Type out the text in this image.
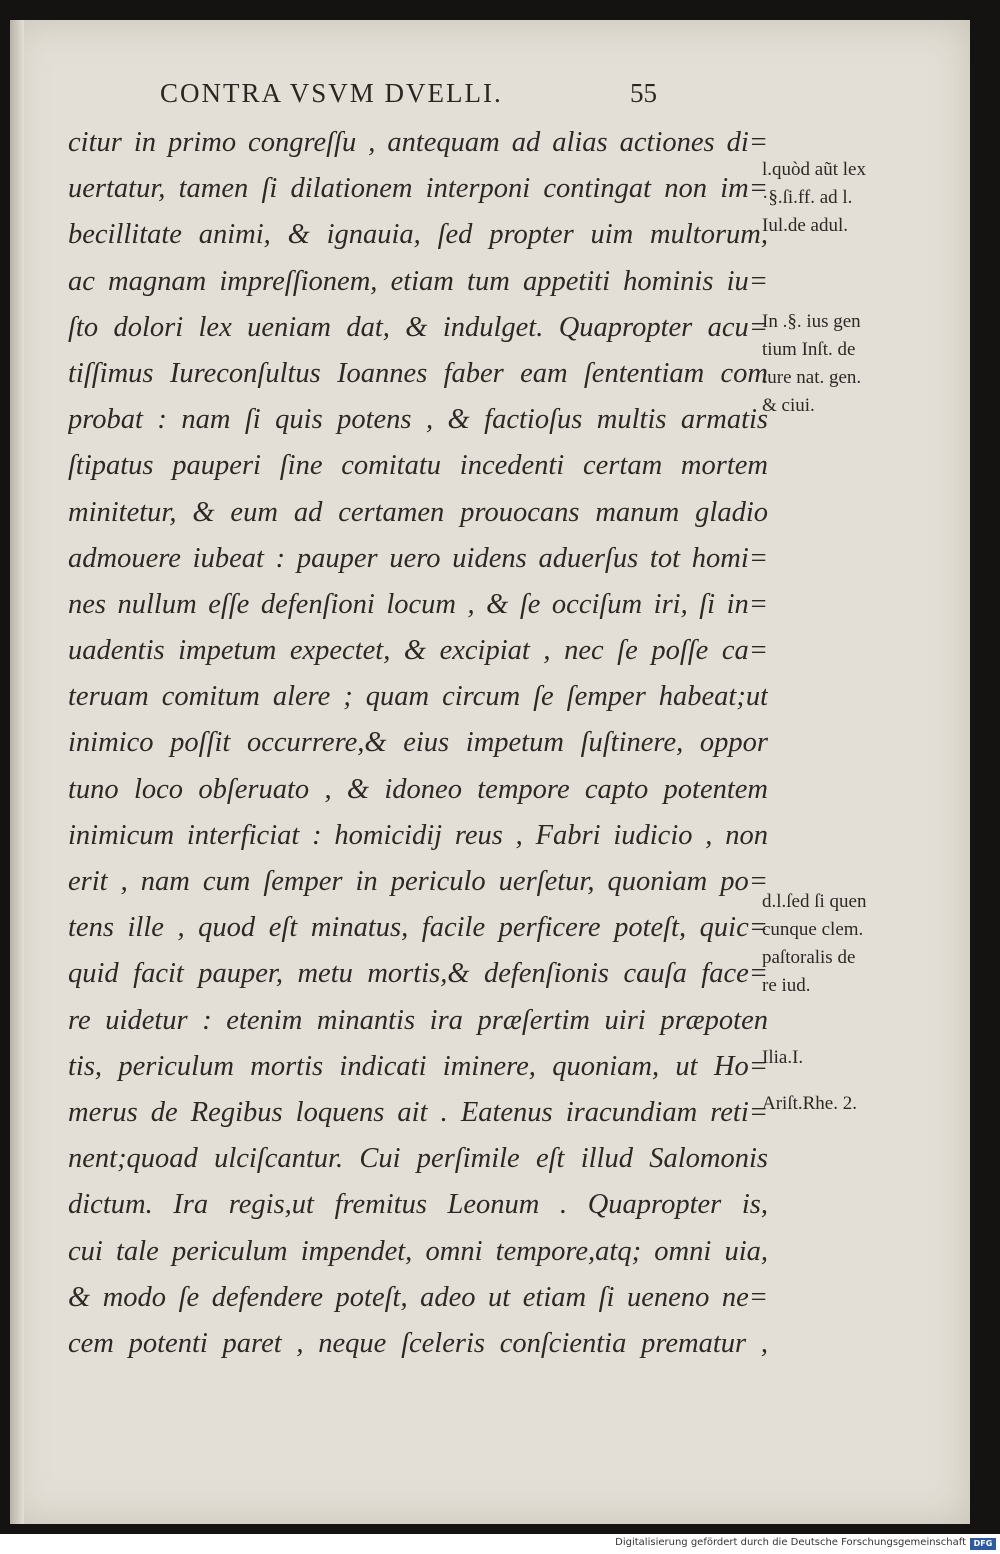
CONTRA VSVM DVELLI.	55
citur in primo congreſſu , antequam ad alias actiones di=
uertatur, tamen ſi dilationem interponi contingat non im=
becillitate animi, & ignauia, ſed propter uim multorum,
ac magnam impreſſionem, etiam tum appetiti hominis iu=
ſto dolori lex ueniam dat, & indulget. Quapropter acu=
tiſſimus Iureconſultus Ioannes faber eam ſententiam com
probat : nam ſi quis potens , & factioſus multis armatis
ſtipatus pauperi ſine comitatu incedenti certam mortem
minitetur, & eum ad certamen prouocans manum gladio
admouere iubeat : pauper uero uidens aduerſus tot homi=
nes nullum eſſe defenſioni locum , & ſe occiſum iri, ſi in=
uadentis impetum expectet, & excipiat , nec ſe poſſe ca=
teruam comitum alere ; quam circum ſe ſemper habeat;ut
inimico poſſit occurrere,& eius impetum ſuſtinere, oppor
tuno loco obſeruato , & idoneo tempore capto potentem
inimicum interficiat : homicidij reus , Fabri iudicio , non
erit , nam cum ſemper in periculo uerſetur, quoniam po=
tens ille , quod eſt minatus, facile perficere poteſt, quic=
quid facit pauper, metu mortis,& defenſionis cauſa face=
re uidetur : etenim minantis ira præſertim uiri præpoten
tis, periculum mortis indicati iminere, quoniam, ut Ho=
merus de Regibus loquens ait . Eatenus iracundiam reti=
nent;quoad ulciſcantur. Cui perſimile eſt illud Salomonis
dictum. Ira regis,ut fremitus Leonum . Quapropter is,
cui tale periculum impendet, omni tempore,atq; omni uia,
& modo ſe defendere poteſt, adeo ut etiam ſi ueneno ne=
cem potenti paret , neque ſceleris conſcientia prematur ,
l.quòd aũt lex
·§.ſi.ff. ad l.
Iul.de adul.
In .§. ius gen
tium Inſt. de
iure nat. gen.
& ciui.
d.l.ſed ſi quen
cunque clem.
paſtoralis de
re iud.
Ilia.I.
Ariſt.Rhe. 2.
Digitalisierung gefördert durch die Deutsche Forschungsgemeinschaft DFG
